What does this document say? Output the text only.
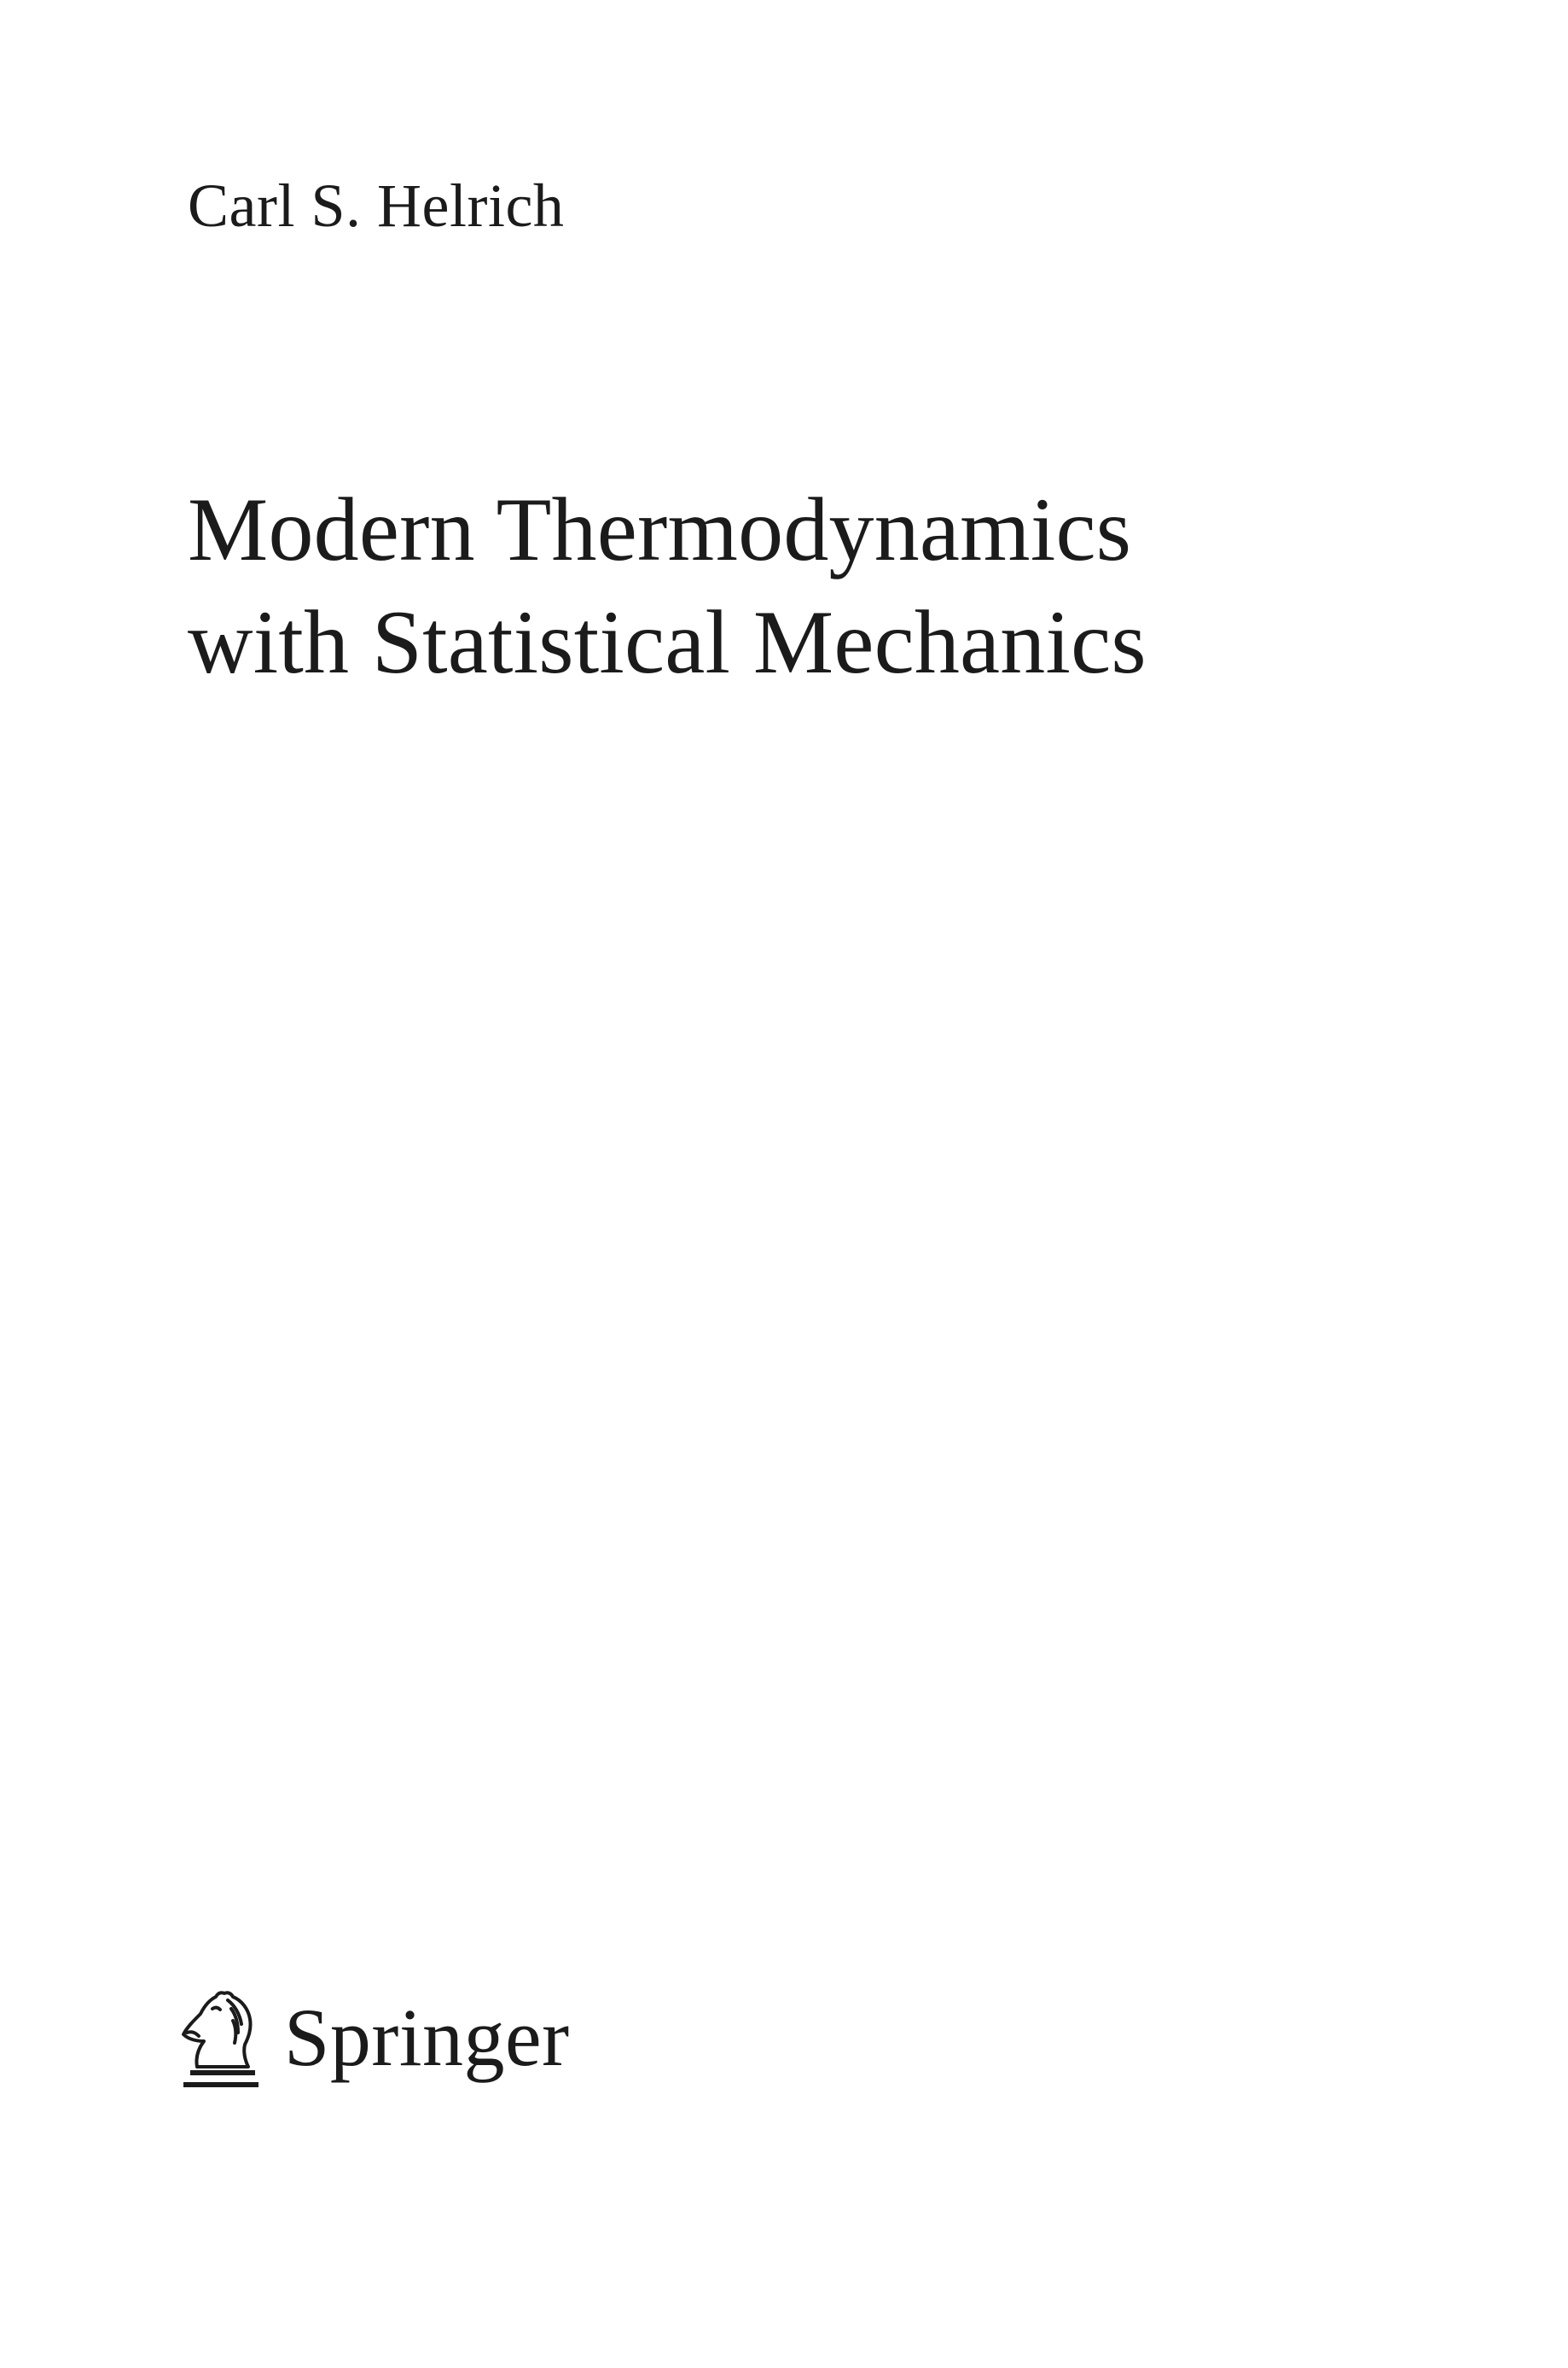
Carl S. Helrich
Modern Thermodynamics
with Statistical Mechanics
Springer
